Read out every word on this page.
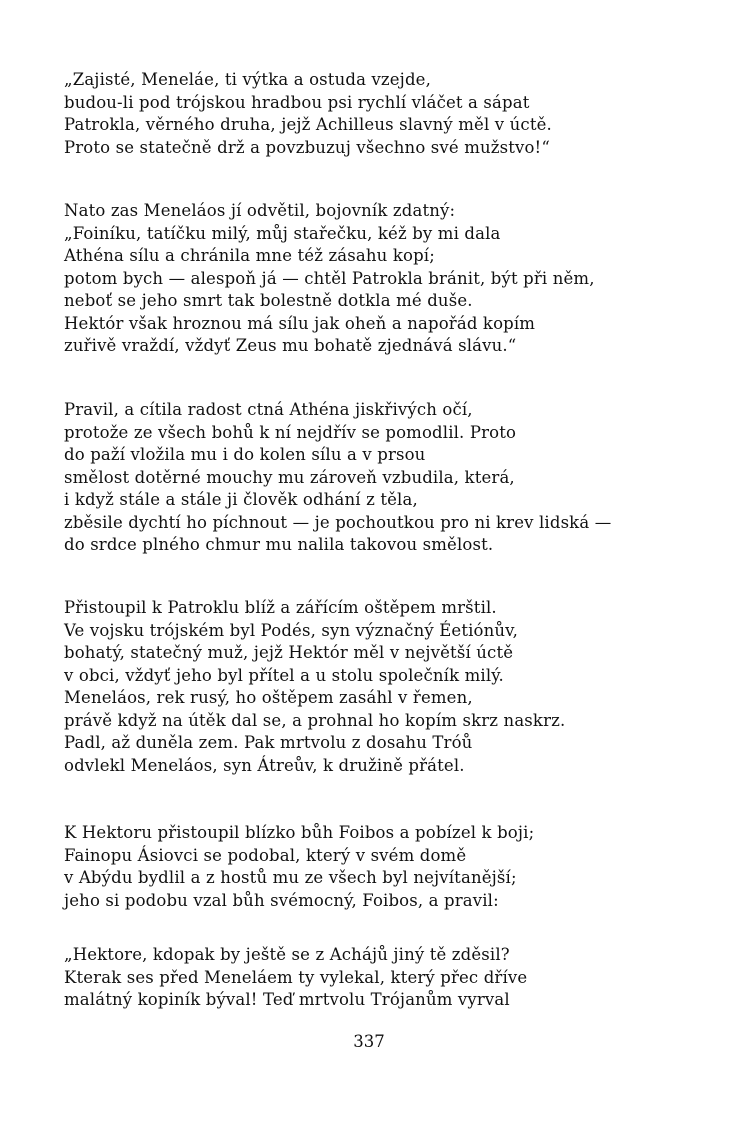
„Zajisté, Meneláe, ti výtka a ostuda vzejde,
budou-li pod trójskou hradbou psi rychlí vláčet a sápat
Patrokla, věrného druha, jejž Achilleus slavný měl v úctě.
Proto se statečně drž a povzbuzuj všechno své mužstvo!“
Nato zas Meneláos jí odvětil, bojovník zdatný:
„Foiníku, tatíčku milý, můj stařečku, kéž by mi dala
Athéna sílu a chránila mne též zásahu kopí;
potom bych — alespoň já — chtěl Patrokla bránit, být při něm,
neboť se jeho smrt tak bolestně dotkla mé duše.
Hektór však hroznou má sílu jak oheň a napořád kopím
zuřivě vraždí, vždyť Zeus mu bohatě zjednává slávu.“
Pravil, a cítila radost ctná Athéna jiskřivých očí,
protože ze všech bohů k ní nejdřív se pomodlil. Proto
do paží vložila mu i do kolen sílu a v prsou
smělost dotěrné mouchy mu zároveň vzbudila, která,
i když stále a stále ji člověk odhání z těla,
zběsile dychtí ho píchnout — je pochoutkou pro ni krev lidská —
do srdce plného chmur mu nalila takovou smělost.
Přistoupil k Patroklu blíž a zářícím oštěpem mrštil.
Ve vojsku trójském byl Podés, syn význačný Éetiónův,
bohatý, statečný muž, jejž Hektór měl v největší úctě
v obci, vždyť jeho byl přítel a u stolu společník milý.
Meneláos, rek rusý, ho oštěpem zasáhl v řemen,
právě když na útěk dal se, a prohnal ho kopím skrz naskrz.
Padl, až duněla zem. Pak mrtvolu z dosahu Tróů
odvlekl Meneláos, syn Átreův, k družině přátel.
K Hektoru přistoupil blízko bůh Foibos a pobízel k boji;
Fainopu Ásiovci se podobal, který v svém domě
v Abýdu bydlil a z hostů mu ze všech byl nejvítanější;
jeho si podobu vzal bůh svémocný, Foibos, a pravil:
„Hektore, kdopak by ještě se z Achájů jiný tě zděsil?
Kterak ses před Meneláem ty vylekal, který přec dříve
malátný kopiník býval! Teď mrtvolu Trójanům vyrval
337
